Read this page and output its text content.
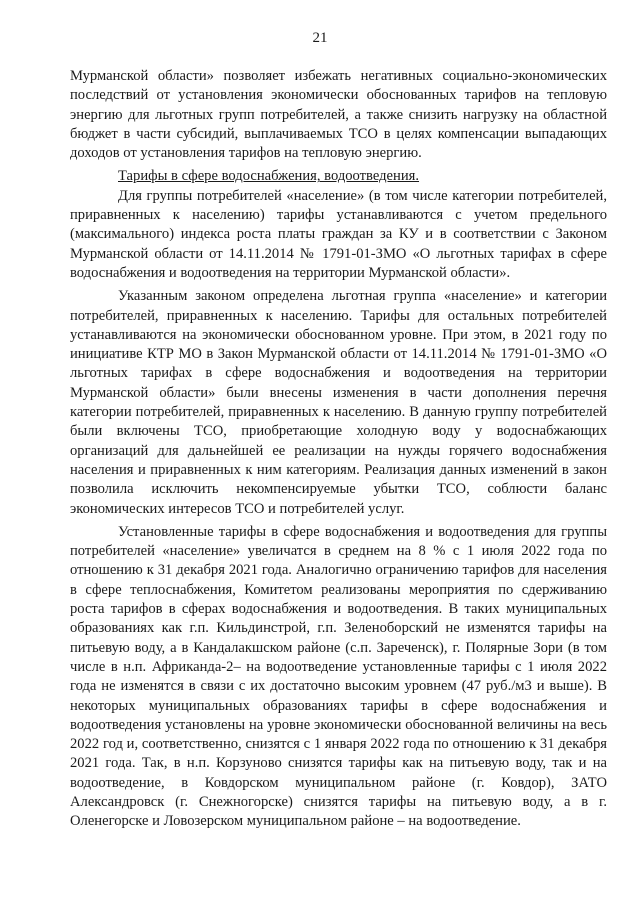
21

Мурманской области» позволяет избежать негативных социально-экономических последствий от установления экономически обоснованных тарифов на тепловую энергию для льготных групп потребителей, а также снизить нагрузку на областной бюджет в части субсидий, выплачиваемых ТСО в целях компенсации выпадающих доходов от установления тарифов на тепловую энергию.

Тарифы в сфере водоснабжения, водоотведения.

Для группы потребителей «население» (в том числе категории потребителей, приравненных к населению) тарифы устанавливаются с учетом предельного (максимального) индекса роста платы граждан за КУ и в соответствии с Законом Мурманской области от 14.11.2014 № 1791-01-ЗМО «О льготных тарифах в сфере водоснабжения и водоотведения на территории Мурманской области».

Указанным законом определена льготная группа «население» и категории потребителей, приравненных к населению. Тарифы для остальных потребителей устанавливаются на экономически обоснованном уровне. При этом, в 2021 году по инициативе КТР МО в Закон Мурманской области от 14.11.2014 № 1791-01-ЗМО «О льготных тарифах в сфере водоснабжения и водоотведения на территории Мурманской области» были внесены изменения в части дополнения перечня категории потребителей, приравненных к населению. В данную группу потребителей были включены ТСО, приобретающие холодную воду у водоснабжающих организаций для дальнейшей ее реализации на нужды горячего водоснабжения населения и приравненных к ним категориям. Реализация данных изменений в закон позволила исключить некомпенсируемые убытки ТСО, соблюсти баланс экономических интересов ТСО и потребителей услуг.

Установленные тарифы в сфере водоснабжения и водоотведения для группы потребителей «население» увеличатся в среднем на 8 % с 1 июля 2022 года по отношению к 31 декабря 2021 года. Аналогично ограничению тарифов для населения в сфере теплоснабжения, Комитетом реализованы мероприятия по сдерживанию роста тарифов в сферах водоснабжения и водоотведения. В таких муниципальных образованиях как г.п. Кильдинстрой, г.п. Зеленоборский не изменятся тарифы на питьевую воду, а в Кандалакшском районе (с.п. Зареченск), г. Полярные Зори (в том числе в н.п. Африканда-2– на водоотведение установленные тарифы с 1 июля 2022 года не изменятся в связи с их достаточно высоким уровнем (47 руб./м3 и выше). В некоторых муниципальных образованиях тарифы в сфере водоснабжения и водоотведения установлены на уровне экономически обоснованной величины на весь 2022 год и, соответственно, снизятся с 1 января 2022 года по отношению к 31 декабря 2021 года. Так, в н.п. Корзуново снизятся тарифы как на питьевую воду, так и на водоотведение, в Ковдорском муниципальном районе (г. Ковдор), ЗАТО Александровск (г. Снежногорске) снизятся тарифы на питьевую воду, а в г. Оленегорске и Ловозерском муниципальном районе – на водоотведение.
